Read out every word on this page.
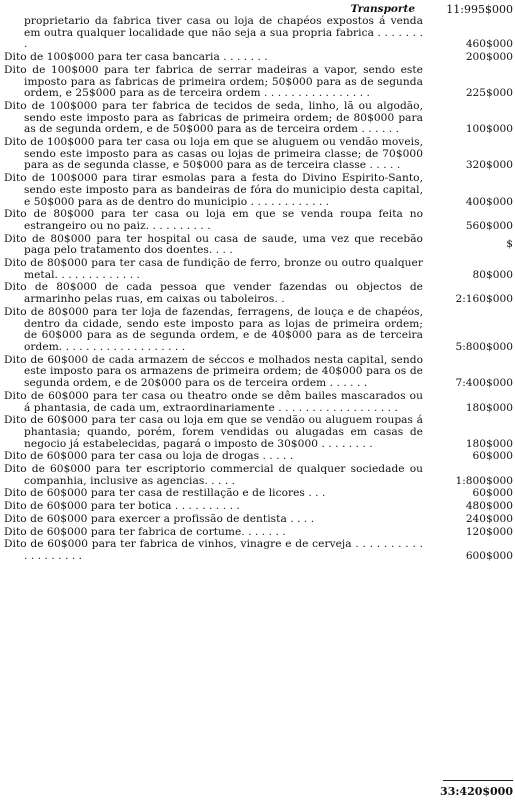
Transporte	11:995$000
proprietario da fabrica tiver casa ou loja de chapéos expostos á venda em outra qualquer localidade que não seja a sua propria fabrica . . . . . . . .	460$000
Dito de 100$000 para ter casa bancaria . . . . . . .	200$000
Dito de 100$000 para ter fabrica de serrar madeiras a vapor, sendo este imposto para as fabricas de primeira ordem; 50$000 para as de segunda ordem, e 25$000 para as de terceira ordem . . . . . . . . . . . . . . . .	225$000
Dito de 100$000 para ter fabrica de tecidos de seda, linho, lã ou algodão, sendo este imposto para as fabricas de primeira ordem; de 80$000 para as de segunda ordem, e de 50$000 para as de terceira ordem . . . . . .	100$000
Dito de 100$000 para ter casa ou loja em que se aluguem ou vendão moveis, sendo este imposto para as casas ou lojas de primeira classe; de 70$000 para as de segunda classe, e 50$000 para as de terceira classe . . . . .	320$000
Dito de 100$000 para tirar esmolas para a festa do Divino Espirito-Santo, sendo este imposto para as bandeiras de fóra do municipio desta capital, e 50$000 para as de dentro do municipio . . . . . . . . . . . .	400$000
Dito de 80$000 para ter casa ou loja em que se venda roupa feita no estrangeiro ou no paiz. . . . . . . . . .	560$000
Dito de 80$000 para ter hospital ou casa de saude, uma vez que recebão paga pelo tratamento dos doentes. . . .	$
Dito de 80$000 para ter casa de fundição de ferro, bronze ou outro qualquer metal. . . . . . . . . . . . .	80$000
Dito de 80$000 de cada pessoa que vender fazendas ou objectos de armarinho pelas ruas, em caixas ou taboleiros. .	2:160$000
Dito de 80$000 para ter loja de fazendas, ferragens, de louça e de chapéos, dentro da cidade, sendo este imposto para as lojas de primeira ordem; de 60$000 para as de segunda ordem, e de 40$000 para as de terceira ordem. . . . . . . . . . . . . . . . . . .	5:800$000
Dito de 60$000 de cada armazem de séccos e molhados nesta capital, sendo este imposto para os armazens de primeira ordem; de 40$000 para os de segunda ordem, e de 20$000 para os de terceira ordem . . . . . .	7:400$000
Dito de 60$000 para ter casa ou theatro onde se dêm bailes mascarados ou á phantasia, de cada um, extraordinariamente . . . . . . . . . . . . . . . . . .	180$000
Dito de 60$000 para ter casa ou loja em que se vendão ou aluguem roupas á phantasia; quando, porém, forem vendidas ou alugadas em casas de negocio já estabelecidas, pagará o imposto de 30$000 . . . . . . . .	180$000
Dito de 60$000 para ter casa ou loja de drogas . . . . .	60$000
Dito de 60$000 para ter escriptorio commercial de qualquer sociedade ou companhia, inclusive as agencias. . . . .	1:800$000
Dito de 60$000 para ter casa de restillação e de licores . . .	60$000
Dito de 60$000 para ter botica . . . . . . . . . .	480$000
Dito de 60$000 para exercer a profissão de dentista . . . .	240$000
Dito de 60$000 para ter fabrica de cortume. . . . . . .	120$000
Dito de 60$000 para ter fabrica de vinhos, vinagre e de cerveja . . . . . . . . . . . . . . . . . . .	600$000
33:420$000
